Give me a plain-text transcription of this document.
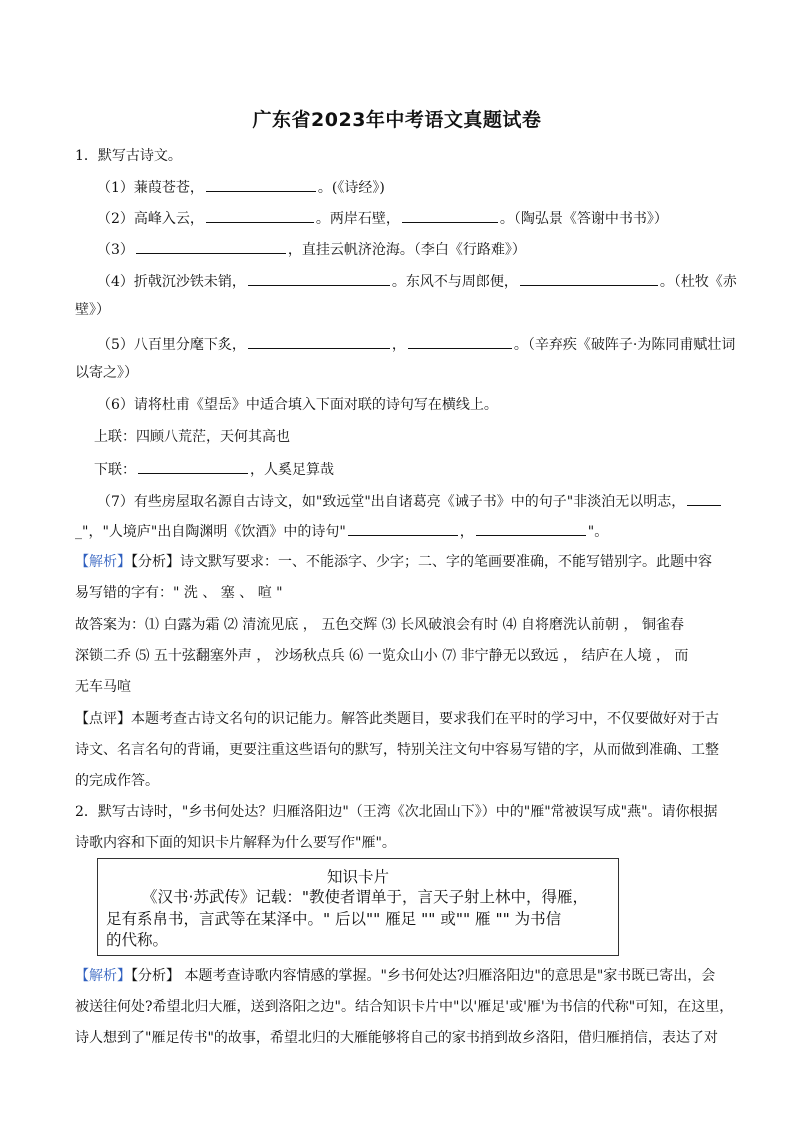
广东省2023年中考语文真题试卷
1．默写古诗文。
（1）蒹葭苍苍，	。(《诗经》)
（2）高峰入云，	。两岸石壁，	。（陶弘景《答谢中书书》）
（3）	，直挂云帆济沧海。（李白《行路难》）
（4）折戟沉沙铁未销，	。东风不与周郎便，	。（杜牧《赤
壁》）
（5）八百里分麾下炙，	，	。（辛弃疾《破阵子·为陈同甫赋壮词
以寄之》）
（6）请将杜甫《望岳》中适合填入下面对联的诗句写在横线上。
上联：四顾八荒茫，天何其高也
下联：	，人奚足算哉
（7）有些房屋取名源自古诗文，如"致远堂"出自诸葛亮《诫子书》中的句子"非淡泊无以明志，
_"，"人境庐"出自陶渊明《饮酒》中的诗句"	，	"。
【解析】【分析】诗文默写要求：一、不能添字、少字；二、字的笔画要准确，不能写错别字。此题中容
易写错的字有：" 洗 、 塞 、 喧 "
故答案为：⑴ 白露为霜 ⑵ 清流见底 ， 五色交辉 ⑶ 长风破浪会有时 ⑷ 自将磨洗认前朝 ， 铜雀春
深锁二乔 ⑸ 五十弦翻塞外声 ， 沙场秋点兵 ⑹ 一览众山小 ⑺ 非宁静无以致远 ， 结庐在人境 ， 而
无车马喧
【点评】本题考查古诗文名句的识记能力。解答此类题目，要求我们在平时的学习中，不仅要做好对于古
诗文、名言名句的背诵，更要注重这些语句的默写，特别关注文句中容易写错的字，从而做到准确、工整
的完成作答。
2．默写古诗时，"乡书何处达？归雁洛阳边"（王湾《次北固山下》）中的"雁"常被误写成"燕"。请你根据
诗歌内容和下面的知识卡片解释为什么要写作"雁"。
知识卡片
《汉书·苏武传》记载："教使者谓单于，言天子射上林中，得雁，
足有系帛书，言武等在某泽中。" 后以"" 雁足 "" 或"" 雁 "" 为书信
的代称。
【解析】【分析】 本题考查诗歌内容情感的掌握。"乡书何处达?归雁洛阳边"的意思是"家书既已寄出，会
被送往何处?希望北归大雁，送到洛阳之边"。结合知识卡片中"以'雁足'或'雁'为书信的代称"可知，在这里，
诗人想到了"雁足传书"的故事，希望北归的大雁能够将自己的家书捎到故乡洛阳，借归雁捎信，表达了对
